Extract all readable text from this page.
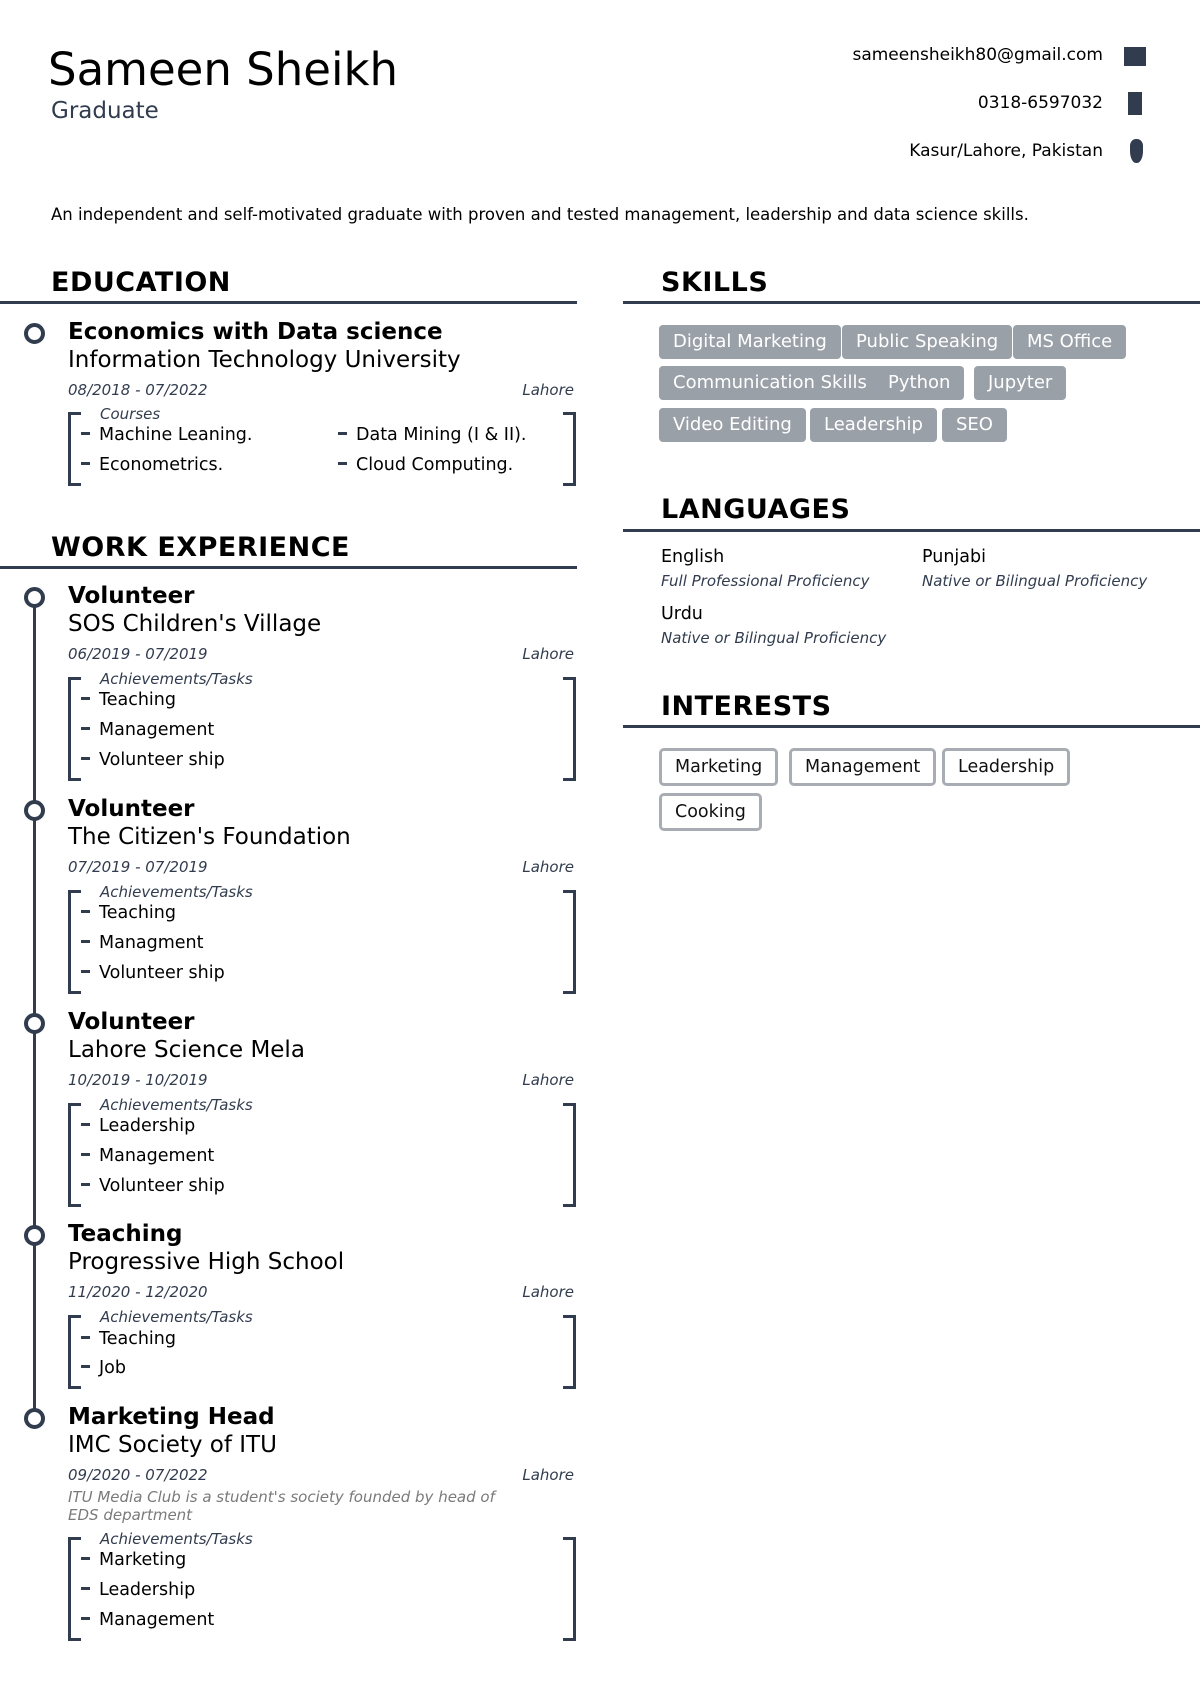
Sameen Sheikh
Graduate
sameensheikh80@gmail.com
0318-6597032
Kasur/Lahore, Pakistan
An independent and self-motivated graduate with proven and tested management, leadership and data science skills.
EDUCATION
Economics with Data science
Information Technology University
08/2018 - 07/2022	Lahore
Courses
Machine Leaning.	Data Mining (I & II).
Econometrics.	Cloud Computing.
WORK EXPERIENCE
Volunteer
SOS Children's Village
06/2019 - 07/2019	Lahore
Achievements/Tasks
Teaching
Management
Volunteer ship
Volunteer
The Citizen's Foundation
07/2019 - 07/2019	Lahore
Achievements/Tasks
Teaching
Managment
Volunteer ship
Volunteer
Lahore Science Mela
10/2019 - 10/2019	Lahore
Achievements/Tasks
Leadership
Management
Volunteer ship
Teaching
Progressive High School
11/2020 - 12/2020	Lahore
Achievements/Tasks
Teaching
Job
Marketing Head
IMC Society of ITU
09/2020 - 07/2022	Lahore
ITU Media Club is a student's society founded by head of EDS department
Achievements/Tasks
Marketing
Leadership
Management
SKILLS
Digital Marketing	Public Speaking	MS Office
Communication Skills	Python	Jupyter
Video Editing	Leadership	SEO
LANGUAGES
English
Full Professional Proficiency
Punjabi
Native or Bilingual Proficiency
Urdu
Native or Bilingual Proficiency
INTERESTS
Marketing	Management	Leadership
Cooking
